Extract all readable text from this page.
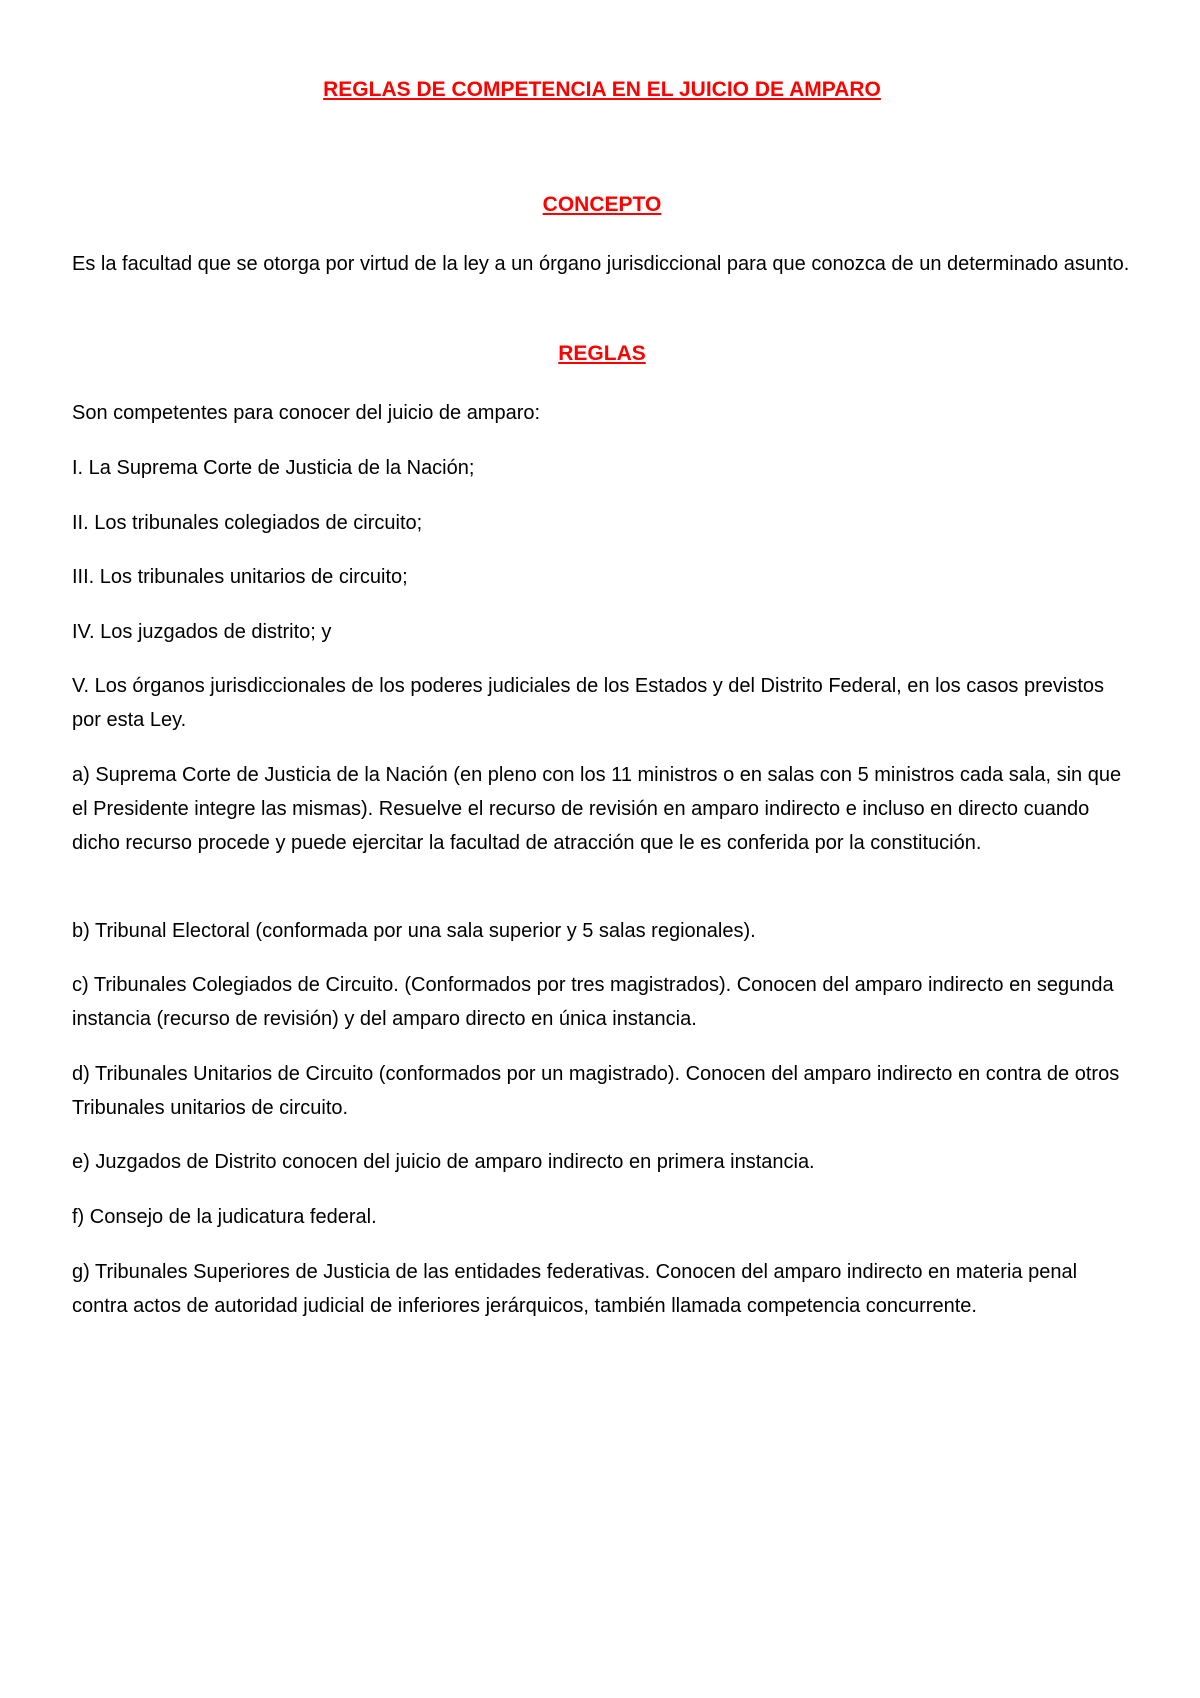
REGLAS DE COMPETENCIA EN EL JUICIO DE AMPARO
CONCEPTO

Es la facultad que se otorga por virtud de la ley a un órgano jurisdiccional para que conozca de un determinado asunto.

REGLAS

Son competentes para conocer del juicio de amparo:

I. La Suprema Corte de Justicia de la Nación;

II. Los tribunales colegiados de circuito;

III. Los tribunales unitarios de circuito;

IV. Los juzgados de distrito; y

V. Los órganos jurisdiccionales de los poderes judiciales de los Estados y del Distrito Federal, en los casos previstos por esta Ley.

a) Suprema Corte de Justicia de la Nación (en pleno con los 11 ministros o en salas con 5 ministros cada sala, sin que el Presidente integre las mismas). Resuelve el recurso de revisión en amparo indirecto e incluso en directo cuando dicho recurso procede y puede ejercitar la facultad de atracción que le es conferida por la constitución.

b) Tribunal Electoral (conformada por una sala superior y 5 salas regionales).

c) Tribunales Colegiados de Circuito. (Conformados por tres magistrados). Conocen del amparo indirecto en segunda instancia (recurso de revisión) y del amparo directo en única instancia.

d) Tribunales Unitarios de Circuito (conformados por un magistrado). Conocen del amparo indirecto en contra de otros Tribunales unitarios de circuito.

e) Juzgados de Distrito conocen del juicio de amparo indirecto en primera instancia.

f) Consejo de la judicatura federal.

g) Tribunales Superiores de Justicia de las entidades federativas. Conocen del amparo indirecto en materia penal contra actos de autoridad judicial de inferiores jerárquicos, también llamada competencia concurrente.
